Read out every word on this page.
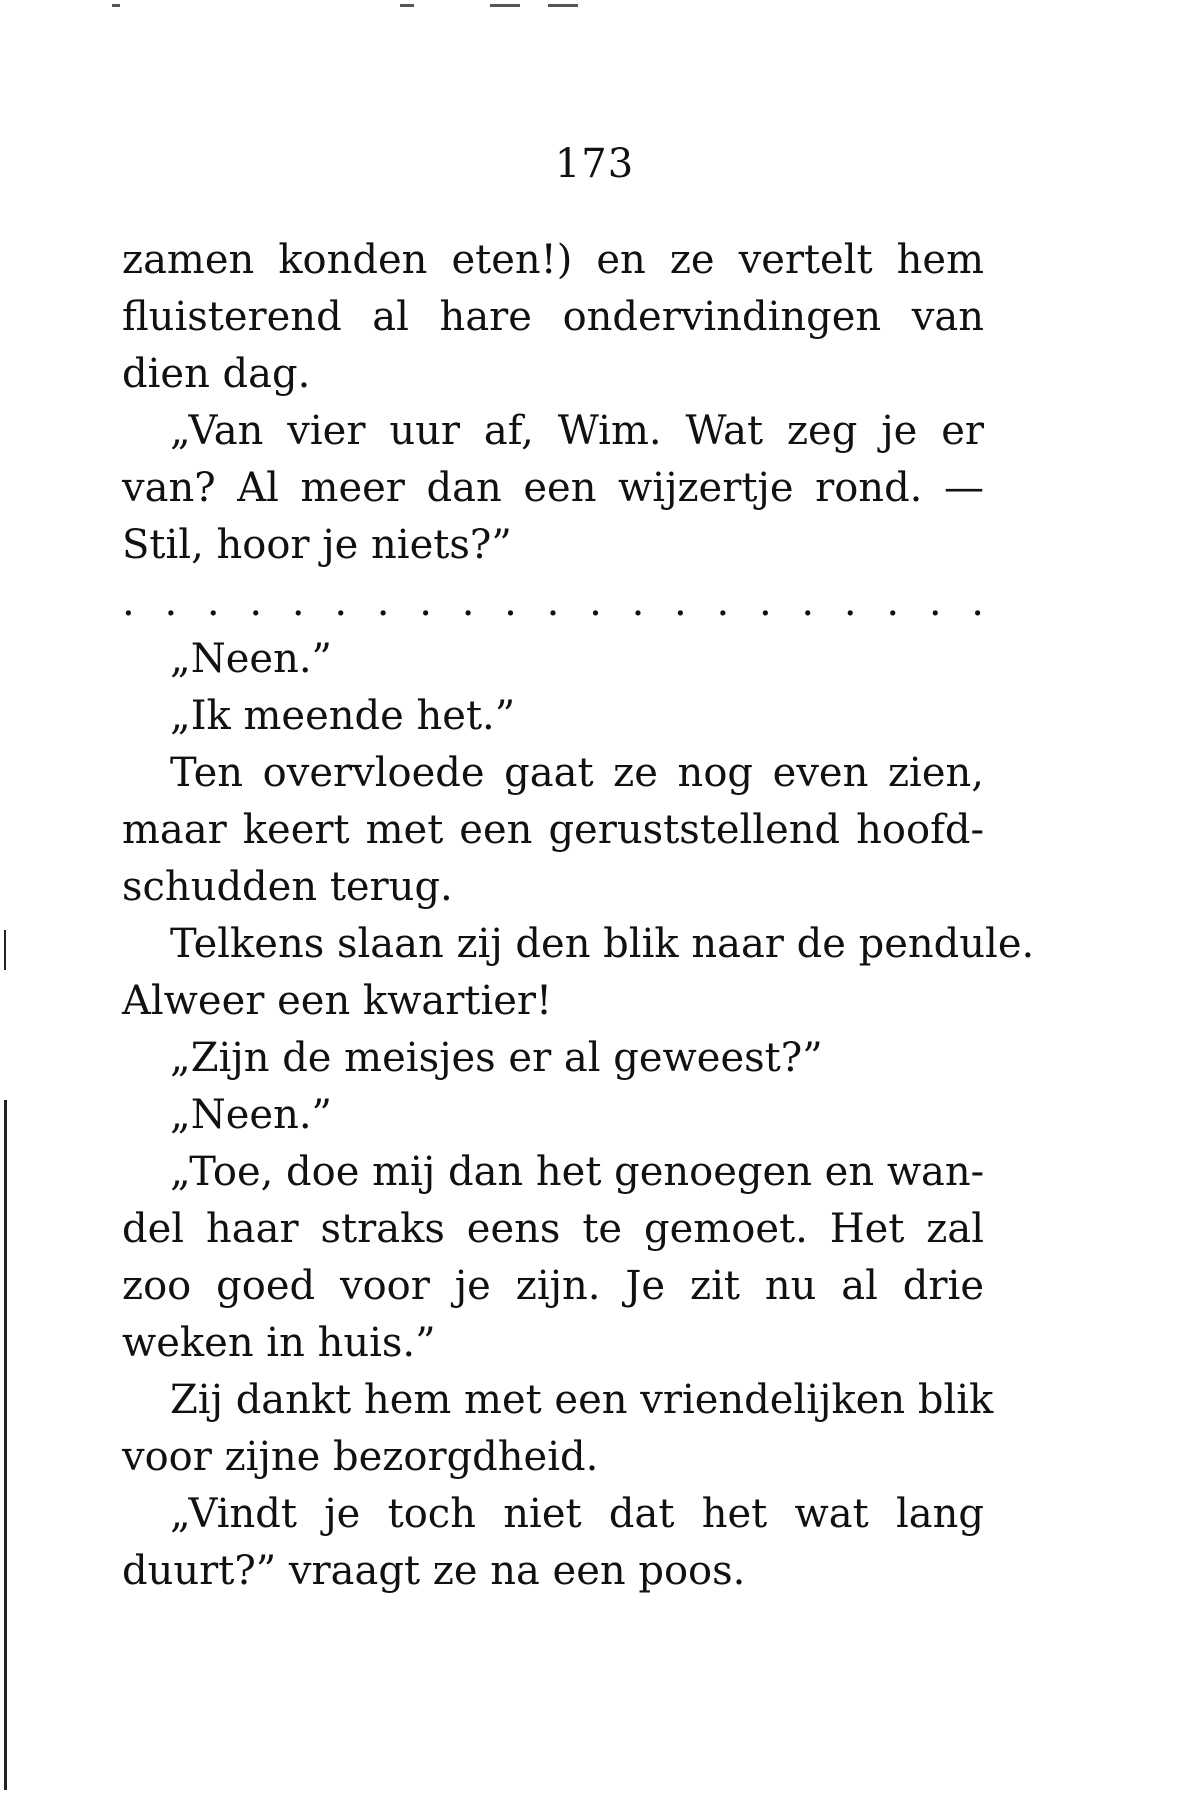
173
zamen konden eten!) en ze vertelt hem
fluisterend al hare ondervindingen van
dien dag.
„Van vier uur af, Wim. Wat zeg je er
van? Al meer dan een wijzertje rond. —
Stil, hoor je niets?”
. . . . . . . . . . . . . . . . . . . . .
„Neen.”
„Ik meende het.”
Ten overvloede gaat ze nog even zien,
maar keert met een geruststellend hoofd-
schudden terug.
Telkens slaan zij den blik naar de pendule.
Alweer een kwartier!
„Zijn de meisjes er al geweest?”
„Neen.”
„Toe, doe mij dan het genoegen en wan-
del haar straks eens te gemoet. Het zal
zoo goed voor je zijn. Je zit nu al drie
weken in huis.”
Zij dankt hem met een vriendelijken blik
voor zijne bezorgdheid.
„Vindt je toch niet dat het wat lang
duurt?” vraagt ze na een poos.
